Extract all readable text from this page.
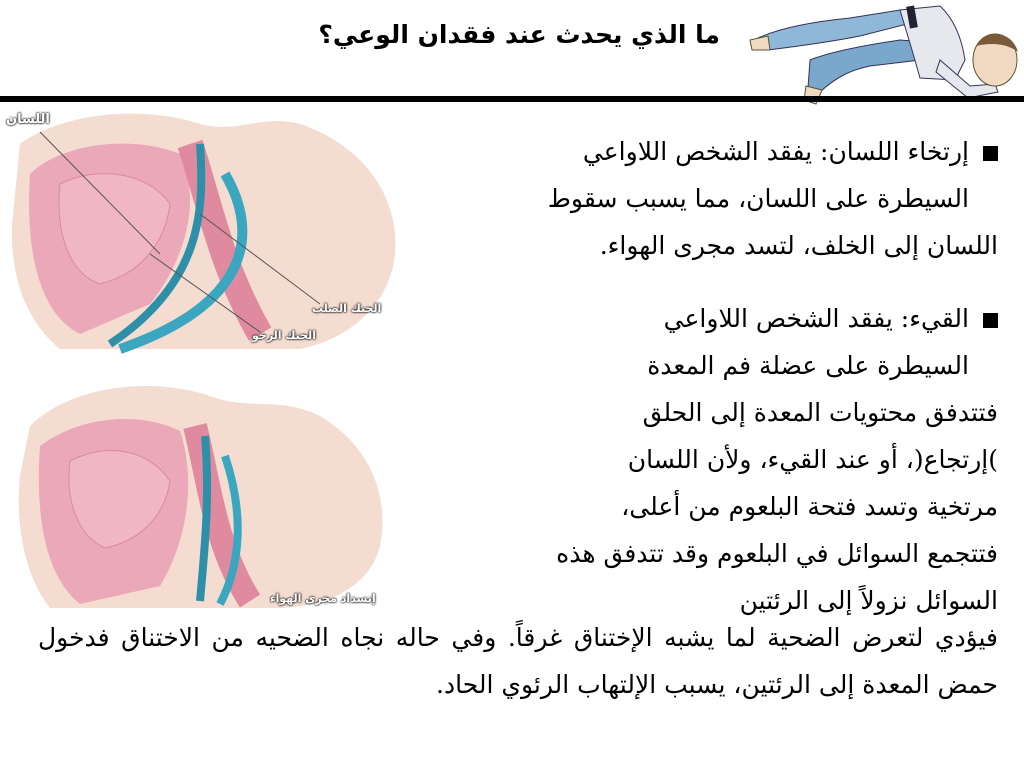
ما الذي يحدث عند فقدان الوعي؟
اللسان
الحنك الصلب
الحنك الرخو
إنسداد مجرى الهواء
إرتخاء اللسان: يفقد الشخص اللاواعي
السيطرة على اللسان، مما يسبب سقوط
اللسان إلى الخلف، لتسد مجرى الهواء.
القيء: يفقد الشخص اللاواعي
السيطرة على عضلة فم المعدة
فتتدفق محتويات المعدة إلى الحلق
)إرتجاع(، أو عند القيء، ولأن اللسان
مرتخية وتسد فتحة البلعوم من أعلى،
فتتجمع السوائل في البلعوم وقد تتدفق هذه
السوائل نزولاً إلى الرئتين
فيؤدي لتعرض الضحية لما يشبه الإختناق غرقاً. وفي حاله نجاه الضحيه من الاختناق فدخول حمض المعدة إلى الرئتين، يسبب الإلتهاب الرئوي الحاد.
